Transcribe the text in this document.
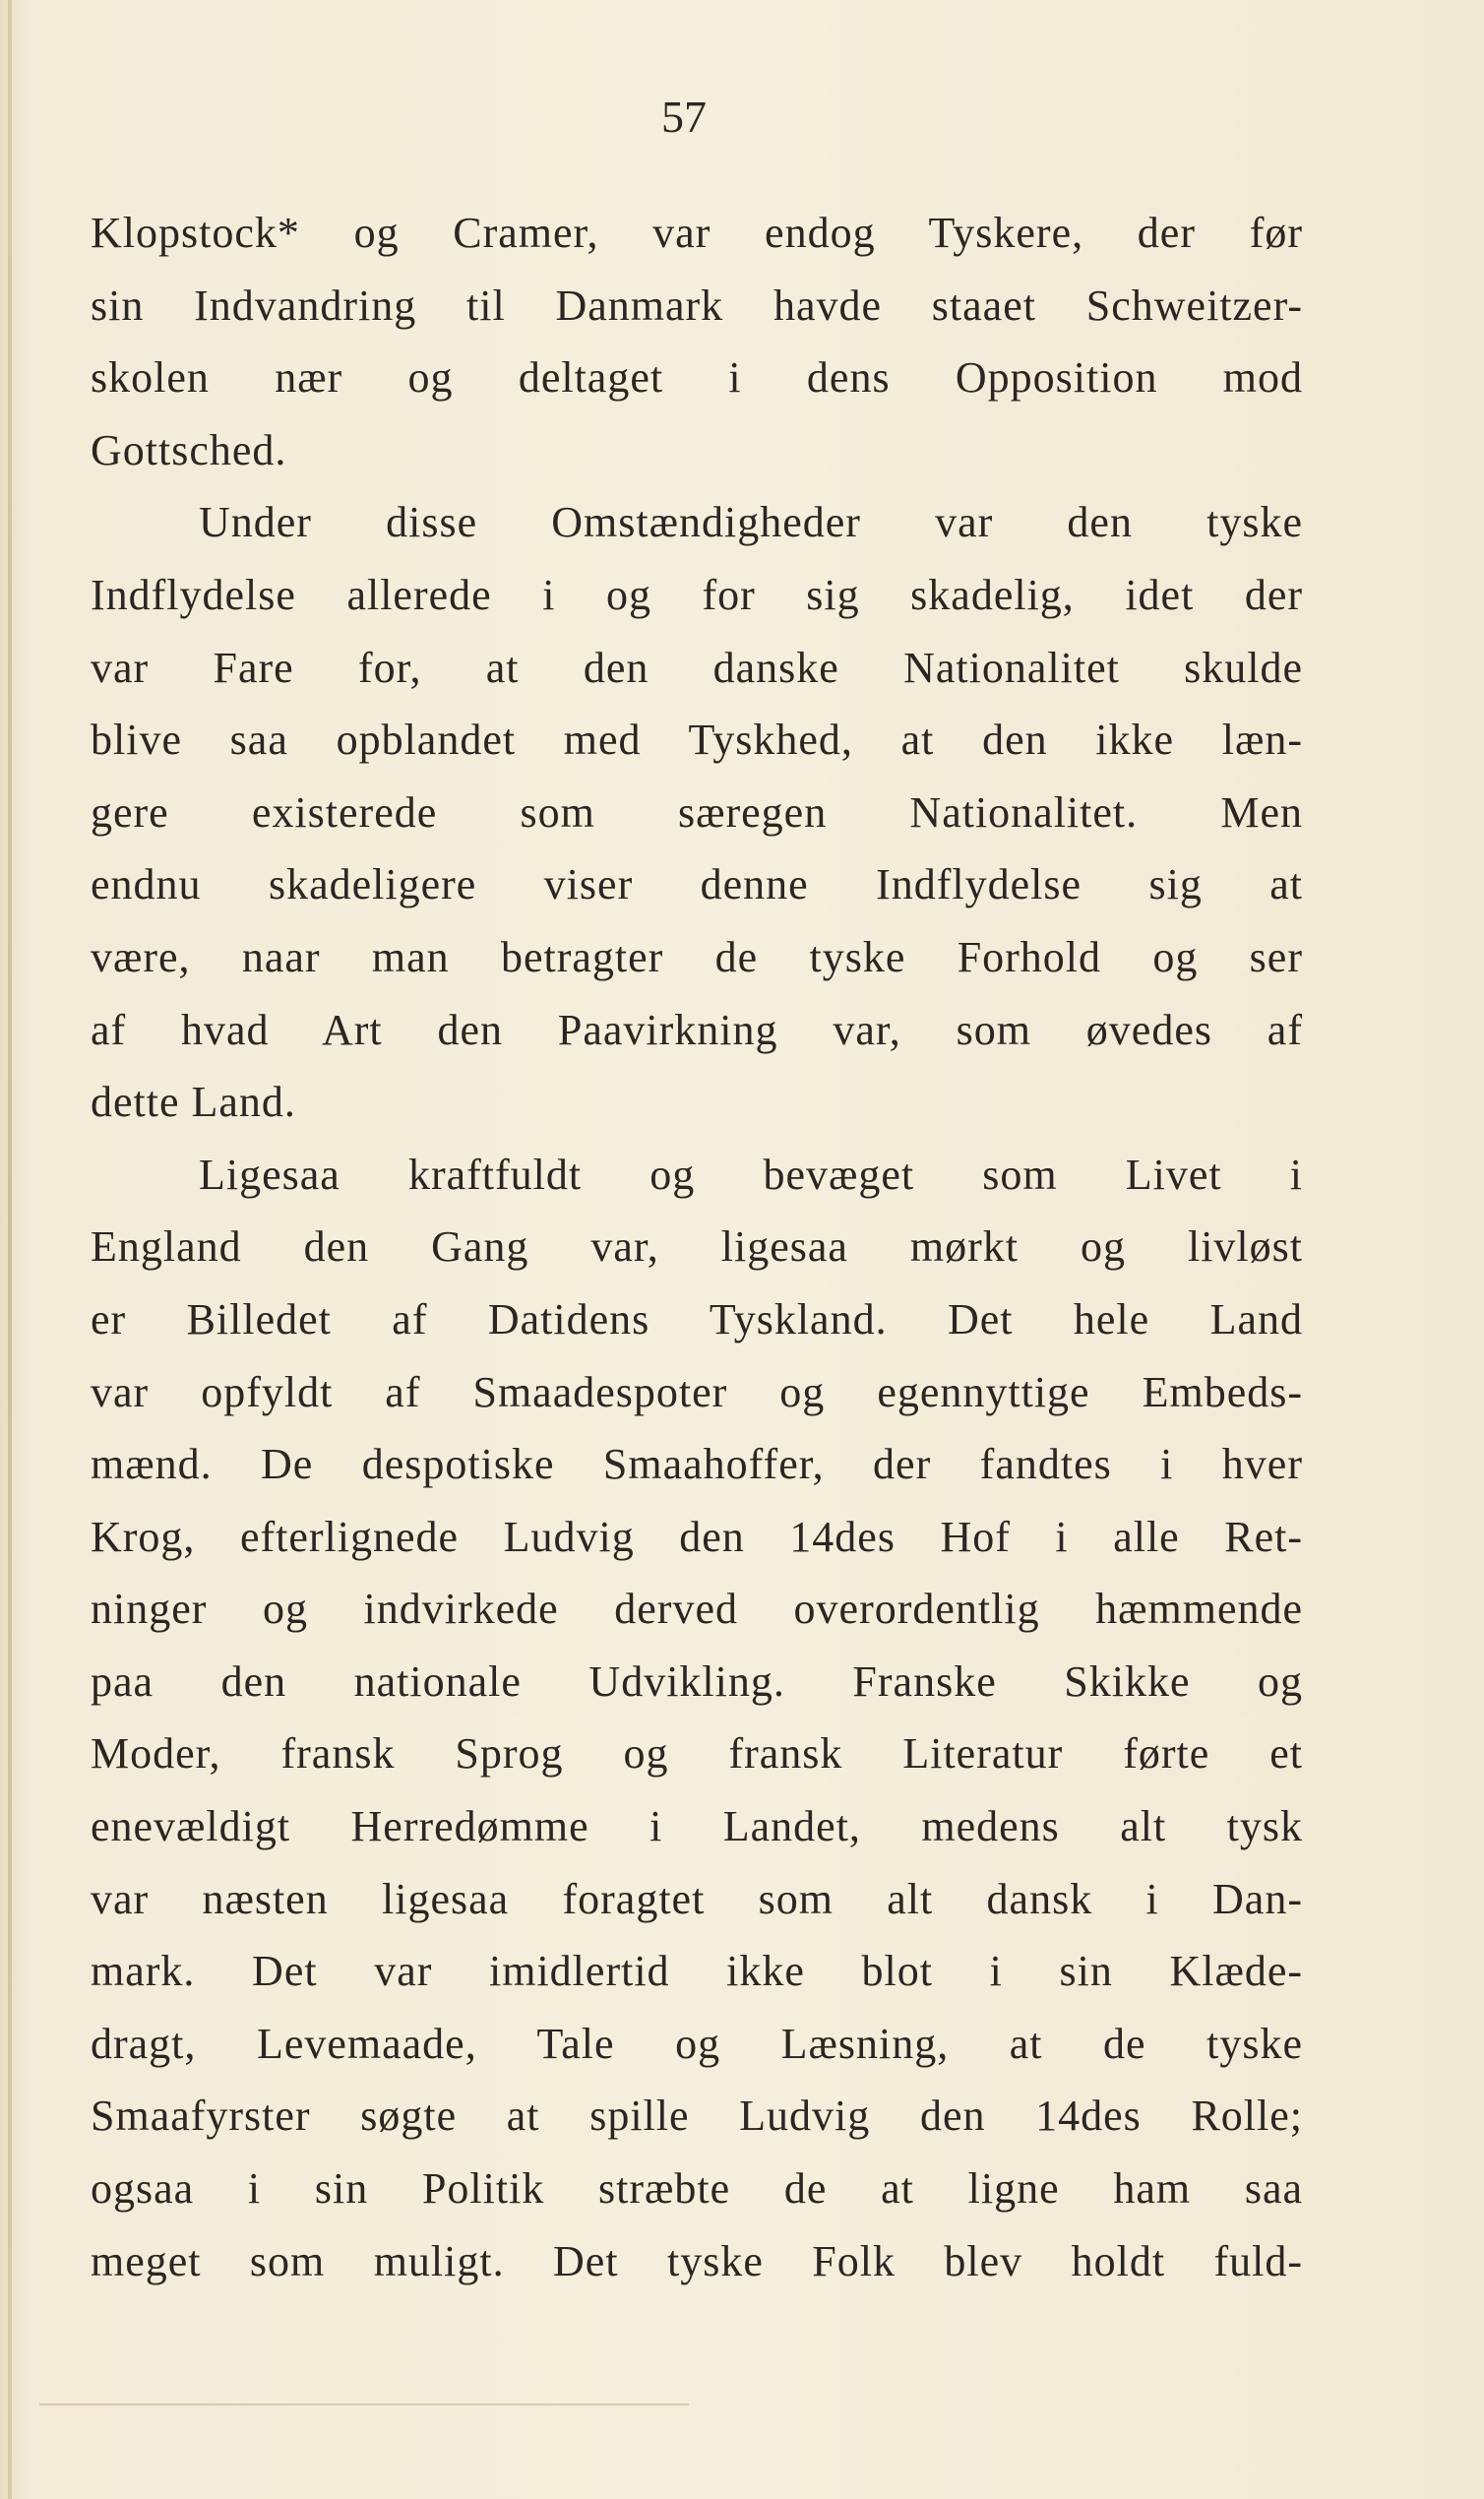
57
Klopstock* og Cramer, var endog Tyskere, der før
sin Indvandring til Danmark havde staaet Schweitzer-
skolen nær og deltaget i dens Opposition mod
Gottsched.
Under disse Omstændigheder var den tyske
Indflydelse allerede i og for sig skadelig, idet der
var Fare for, at den danske Nationalitet skulde
blive saa opblandet med Tyskhed, at den ikke læn-
gere existerede som særegen Nationalitet. Men
endnu skadeligere viser denne Indflydelse sig at
være, naar man betragter de tyske Forhold og ser
af hvad Art den Paavirkning var, som øvedes af
dette Land.
Ligesaa kraftfuldt og bevæget som Livet i
England den Gang var, ligesaa mørkt og livløst
er Billedet af Datidens Tyskland. Det hele Land
var opfyldt af Smaadespoter og egennyttige Embeds-
mænd. De despotiske Smaahoffer, der fandtes i hver
Krog, efterlignede Ludvig den 14des Hof i alle Ret-
ninger og indvirkede derved overordentlig hæmmende
paa den nationale Udvikling. Franske Skikke og
Moder, fransk Sprog og fransk Literatur førte et
enevældigt Herredømme i Landet, medens alt tysk
var næsten ligesaa foragtet som alt dansk i Dan-
mark. Det var imidlertid ikke blot i sin Klæde-
dragt, Levemaade, Tale og Læsning, at de tyske
Smaafyrster søgte at spille Ludvig den 14des Rolle;
ogsaa i sin Politik stræbte de at ligne ham saa
meget som muligt. Det tyske Folk blev holdt fuld-
